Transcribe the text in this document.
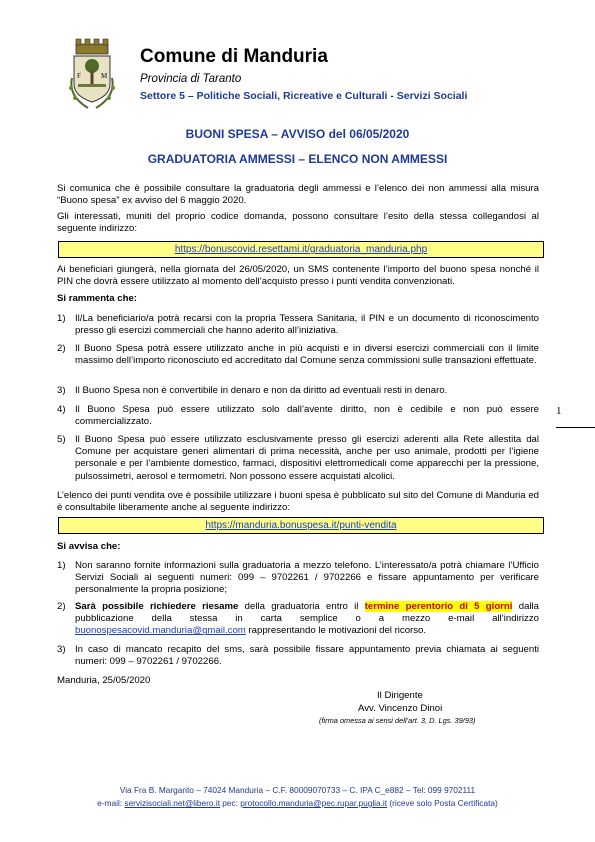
F	M
Comune di Manduria
Provincia di Taranto
Settore 5 – Politiche Sociali, Ricreative e Culturali - Servizi Sociali
BUONI SPESA – AVVISO del 06/05/2020
GRADUATORIA AMMESSI – ELENCO NON AMMESSI
Si comunica che è possibile consultare la graduatoria degli ammessi e l’elenco dei non ammessi alla misura “Buono spesa” ex avviso del 6 maggio 2020.
Gli interessati, muniti del proprio codice domanda, possono consultare l’esito della stessa collegandosi al seguente indirizzo:
https://bonuscovid.resettami.it/graduatoria_manduria.php
Ai beneficiari giungerà, nella giornata del 26/05/2020, un SMS contenente l’importo del buono spesa nonché il PIN che dovrà essere utilizzato al momento dell’acquisto presso i punti vendita convenzionati.
Si rammenta che:
1) Il/La beneficiario/a potrà recarsi con la propria Tessera Sanitaria, il PIN e un documento di riconoscimento presso gli esercizi commerciali che hanno aderito all’iniziativa.
2) Il Buono Spesa potrà essere utilizzato anche in più acquisti e in diversi esercizi commerciali con il limite massimo dell’importo riconosciuto ed accreditato dal Comune senza commissioni sulle transazioni effettuate.
3) Il Buono Spesa non è convertibile in denaro e non da diritto ad eventuali resti in denaro.
4) Il Buono Spesa può essere utilizzato solo dall’avente diritto, non è cedibile e non può essere commercializzato.
5) Il Buono Spesa può essere utilizzato esclusivamente presso gli esercizi aderenti alla Rete allestita dal Comune per acquistare generi alimentari di prima necessità, anche per uso animale, prodotti per l’igiene personale e per l’ambiente domestico, farmaci, dispositivi elettromedicali come apparecchi per la pressione, pulsossimetri, aerosol e termometri. Non possono essere acquistati alcolici.
L’elenco dei punti vendita ove è possibile utilizzare i buoni spesa è pubblicato sul sito del Comune di Manduria ed è consultabile liberamente anche al seguente indirizzo:
https://manduria.bonuspesa.it/punti-vendita
Si avvisa che:
1) Non saranno fornite informazioni sulla graduatoria a mezzo telefono. L’interessato/a potrà chiamare l’Ufficio Servizi Sociali ai seguenti numeri: 099 – 9702261 / 9702266 e fissare appuntamento per verificare personalmente la propria posizione;
2) Sarà possibile richiedere riesame della graduatoria entro il termine perentorio di 5 giorni dalla pubblicazione della stessa in carta semplice o a mezzo e-mail all’indirizzo buonospesacovid.manduria@gmail.com rappresentando le motivazioni del ricorso.
3) In caso di mancato recapito del sms, sarà possibile fissare appuntamento previa chiamata ai seguenti numeri: 099 – 9702261 / 9702266.
Manduria, 25/05/2020
Il Dirigente
Avv. Vincenzo Dinoi
(firma omessa ai sensi dell’art. 3, D. Lgs. 39/93)
1
Via Fra B. Margarito – 74024 Manduria – C.F. 80009070733 – C. IPA C_e882 – Tel: 099 9702111
e-mail: servizisociali.net@libero.it pec: protocollo.manduria@pec.rupar.puglia.it (riceve solo Posta Certificata)
